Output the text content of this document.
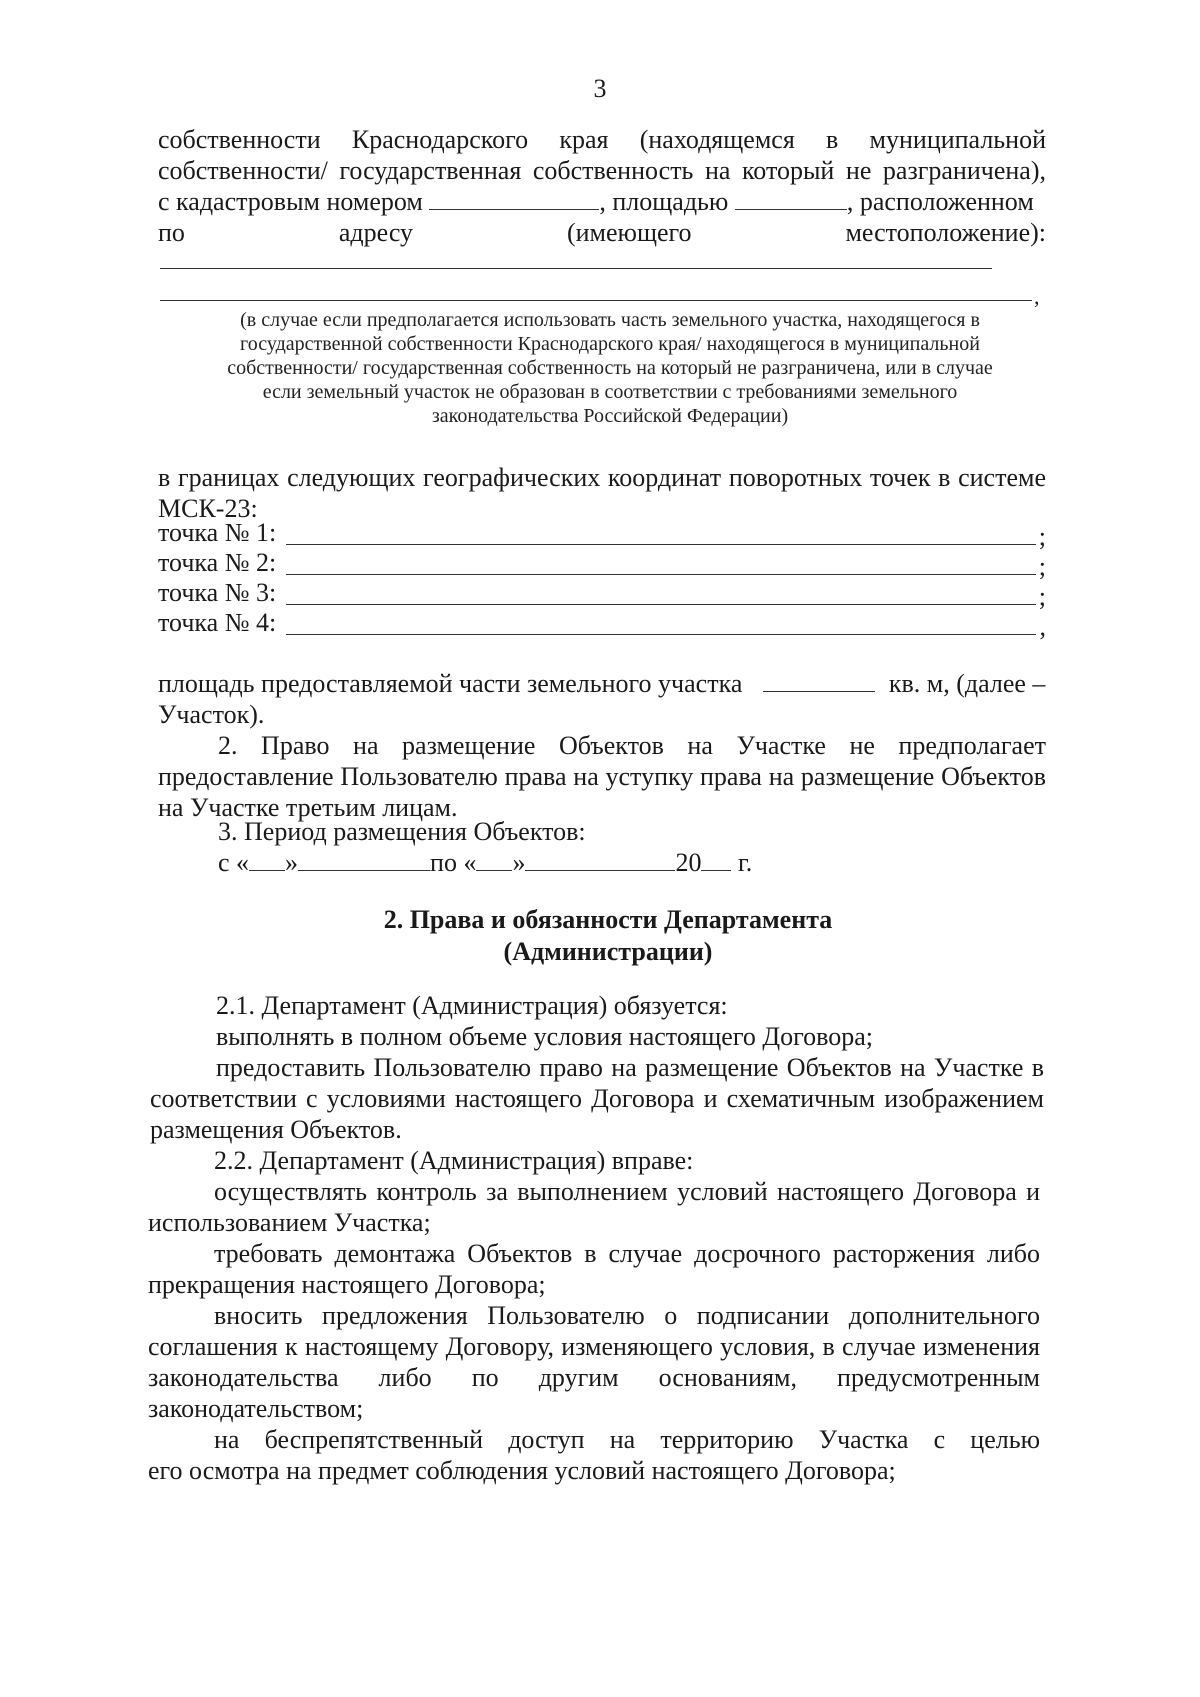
3
собственности Краснодарского края (находящемся в муниципальной
собственности/ государственная собственность на который не разграничена),
с кадастровым номером	, площадью	, расположенном
по адресу (имеющего местоположение):
,
(в случае если предполагается использовать часть земельного участка, находящегося в
государственной собственности Краснодарского края/ находящегося в муниципальной
собственности/ государственная собственность на который не разграничена, или в случае
если земельный участок не образован в соответствии с требованиями земельного
законодательства Российской Федерации)
в границах следующих географических координат поворотных точек в системе
МСК-23:
точка № 1:	;
точка № 2:	;
точка № 3:	;
точка № 4:	,
площадь предоставляемой части земельного участка	кв. м, (далее –
Участок).
2. Право на размещение Объектов на Участке не предполагает
предоставление Пользователю права на уступку права на размещение Объектов
на Участке третьим лицам.
3. Период размещения Объектов:
с « »	по « »	20 г.
2. Права и обязанности Департамента
(Администрации)
2.1. Департамент (Администрация) обязуется:
выполнять в полном объеме условия настоящего Договора;
предоставить Пользователю право на размещение Объектов на Участке в
соответствии с условиями настоящего Договора и схематичным изображением
размещения Объектов.
2.2. Департамент (Администрация) вправе:
осуществлять контроль за выполнением условий настоящего Договора и
использованием Участка;
требовать демонтажа Объектов в случае досрочного расторжения либо
прекращения настоящего Договора;
вносить предложения Пользователю о подписании дополнительного
соглашения к настоящему Договору, изменяющего условия, в случае изменения
законодательства либо по другим основаниям, предусмотренным
законодательством;
на беспрепятственный доступ на территорию Участка с целью
его осмотра на предмет соблюдения условий настоящего Договора;
